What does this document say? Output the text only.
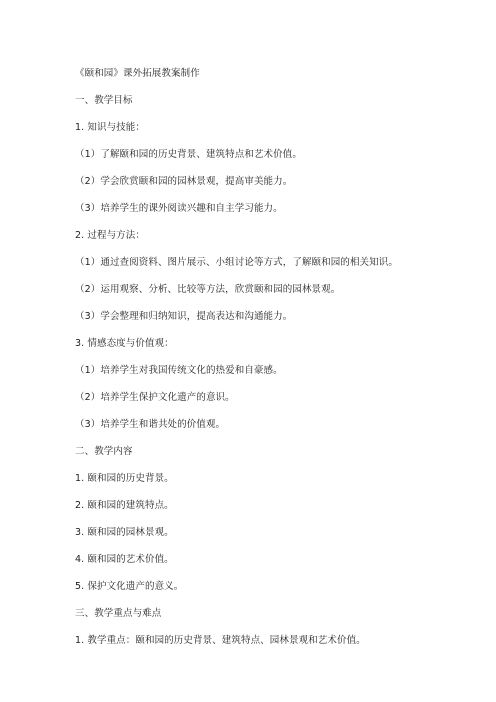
《颐和园》课外拓展教案制作

一、教学目标

1. 知识与技能：

（1）了解颐和园的历史背景、建筑特点和艺术价值。

（2）学会欣赏颐和园的园林景观，提高审美能力。

（3）培养学生的课外阅读兴趣和自主学习能力。

2. 过程与方法：

（1）通过查阅资料、图片展示、小组讨论等方式，了解颐和园的相关知识。

（2）运用观察、分析、比较等方法，欣赏颐和园的园林景观。

（3）学会整理和归纳知识，提高表达和沟通能力。

3. 情感态度与价值观：

（1）培养学生对我国传统文化的热爱和自豪感。

（2）培养学生保护文化遗产的意识。

（3）培养学生和谐共处的价值观。

二、教学内容

1. 颐和园的历史背景。

2. 颐和园的建筑特点。

3. 颐和园的园林景观。

4. 颐和园的艺术价值。

5. 保护文化遗产的意义。

三、教学重点与难点

1. 教学重点：颐和园的历史背景、建筑特点、园林景观和艺术价值。
